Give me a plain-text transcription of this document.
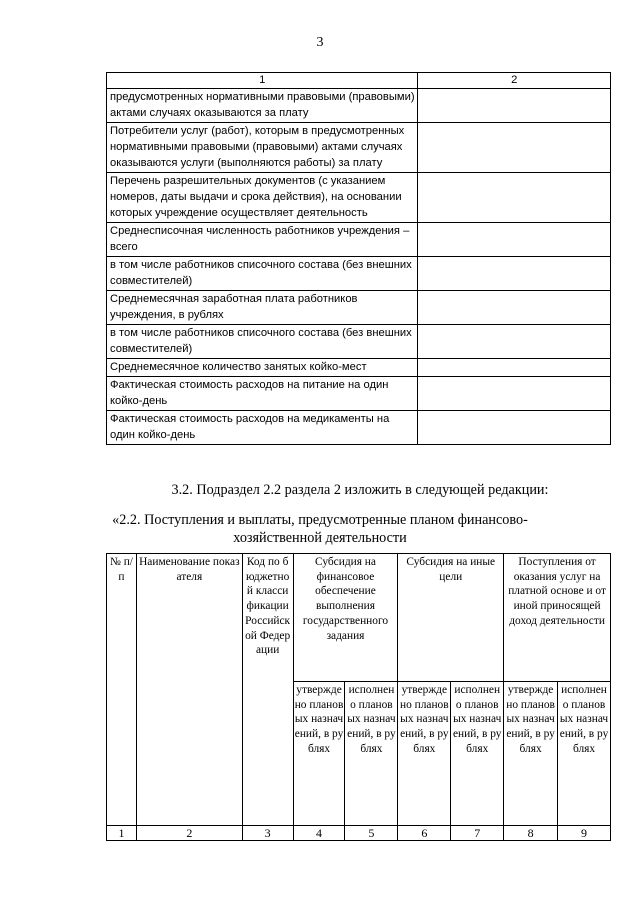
3
1	2
предусмотренных нормативными правовыми (правовыми) актами случаях оказываются за плату	
Потребители услуг (работ), которым в предусмотренных нормативными правовыми (правовыми) актами случаях оказываются услуги (выполняются работы) за плату	
Перечень разрешительных документов (с указанием номеров, даты выдачи и срока действия), на основании которых учреждение осуществляет деятельность	
Среднесписочная численность работников учреждения – всего	
в том числе работников списочного состава (без внешних совместителей)	
Среднемесячная заработная плата работников учреждения, в рублях	
в том числе работников списочного состава (без внешних совместителей)	
Среднемесячное количество занятых койко-мест	
Фактическая стоимость расходов на питание на один койко-день	
Фактическая стоимость расходов на медикаменты на один койко-день	
3.2. Подраздел 2.2 раздела 2 изложить в следующей редакции:
«2.2. Поступления и выплаты, предусмотренные планом финансово-
хозяйственной деятельности
№ п/п	Наименование показателя	Код по бюджетной классификации Российской Федерации	Субсидия на финансовое обеспечение выполнения государственного задания		Субсидия на иные цели		Поступления от оказания услуг на платной основе и от иной приносящей доход деятельности	
			утверждено плановых назначений, в рублях	исполнено плановых назначений, в рублях	утверждено плановых назначений, в рублях	исполнено плановых назначений, в рублях	утверждено плановых назначений, в рублях	исполнено плановых назначений, в рублях
1	2	3	4	5	6	7	8	9
